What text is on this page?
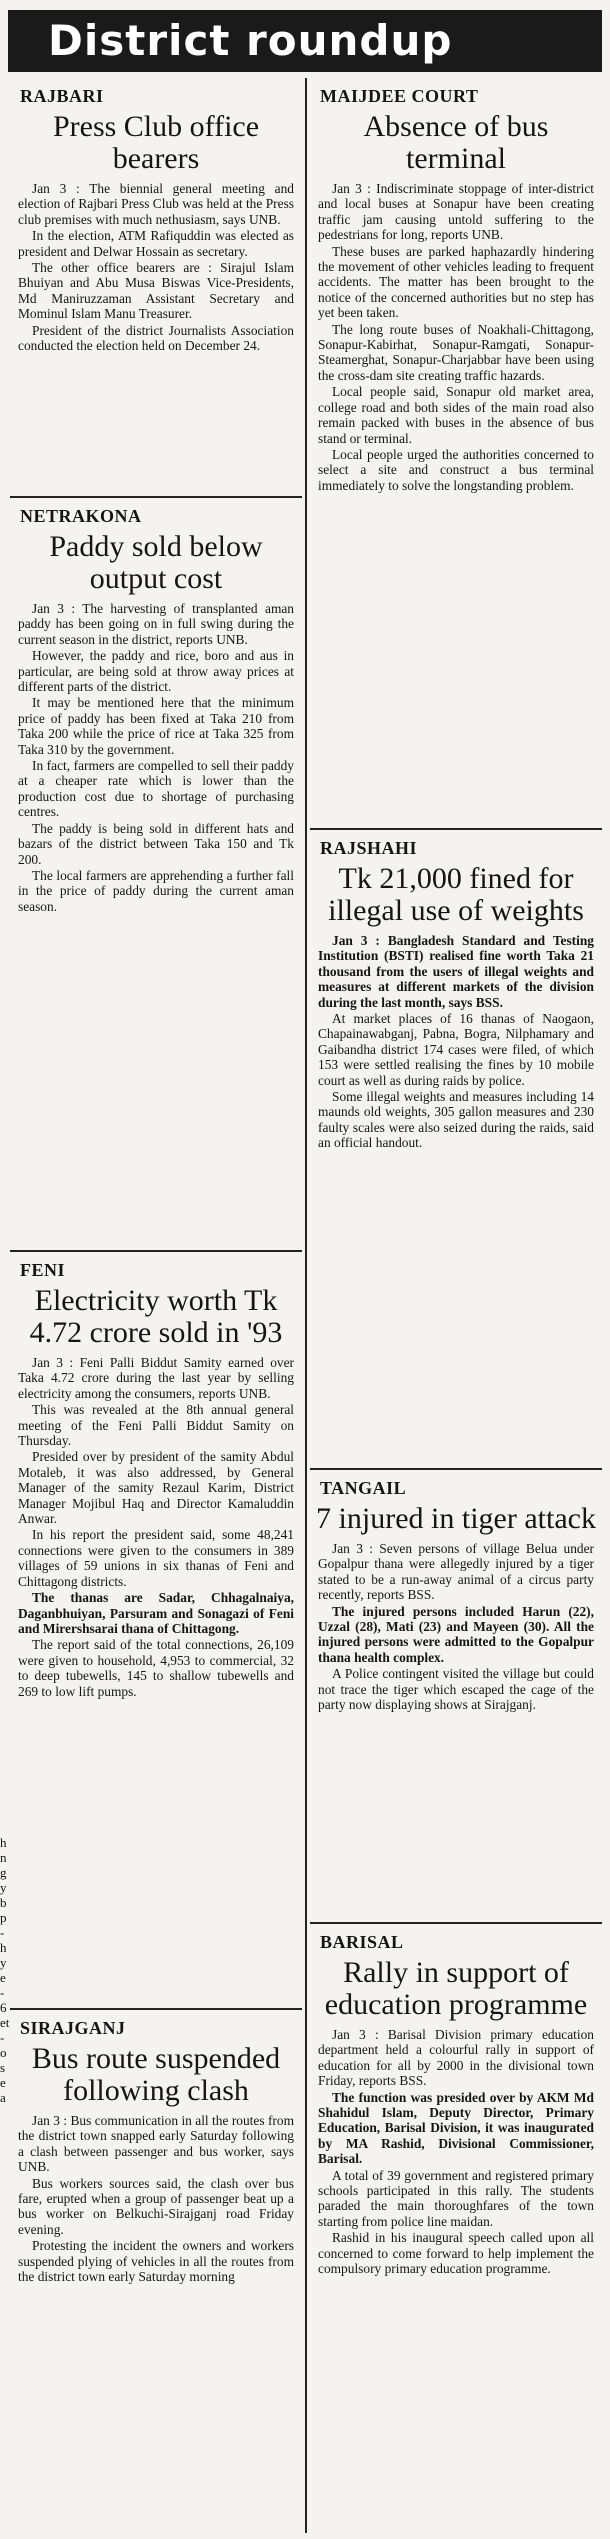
District roundup
RAJBARI
Press Club office bearers

Jan 3 : The biennial general meeting and election of Rajbari Press Club was held at the Press club premises with much nethusiasm, says UNB.

In the election, ATM Rafiquddin was elected as president and Delwar Hossain as secretary.

The other office bearers are : Sirajul Islam Bhuiyan and Abu Musa Biswas Vice-Presidents, Md Maniruzzaman Assistant Secretary and Mominul Islam Manu Treasurer.

President of the district Journalists Association conducted the election held on December 24.

NETRAKONA
Paddy sold below output cost

Jan 3 : The harvesting of transplanted aman paddy has been going on in full swing during the current season in the district, reports UNB.

However, the paddy and rice, boro and aus in particular, are being sold at throw away prices at different parts of the district.

It may be mentioned here that the minimum price of paddy has been fixed at Taka 210 from Taka 200 while the price of rice at Taka 325 from Taka 310 by the government.

In fact, farmers are compelled to sell their paddy at a cheaper rate which is lower than the production cost due to shortage of purchasing centres.

The paddy is being sold in different hats and bazars of the district between Taka 150 and Tk 200.

The local farmers are apprehending a further fall in the price of paddy during the current aman season.

FENI
Electricity worth Tk 4.72 crore sold in '93

Jan 3 : Feni Palli Biddut Samity earned over Taka 4.72 crore during the last year by selling electricity among the consumers, reports UNB.

This was revealed at the 8th annual general meeting of the Feni Palli Biddut Samity on Thursday.

Presided over by president of the samity Abdul Motaleb, it was also addressed, by General Manager of the samity Rezaul Karim, District Manager Mojibul Haq and Director Kamaluddin Anwar.

In his report the president said, some 48,241 connections were given to the consumers in 389 villages of 59 unions in six thanas of Feni and Chittagong districts.

The thanas are Sadar, Chhagalnaiya, Daganbhuiyan, Parsuram and Sonagazi of Feni and Mirershsarai thana of Chittagong.

The report said of the total connections, 26,109 were given to household, 4,953 to commercial, 32 to deep tubewells, 145 to shallow tubewells and 269 to low lift pumps.

SIRAJGANJ
Bus route suspended following clash

Jan 3 : Bus communication in all the routes from the district town snapped early Saturday following a clash between passenger and bus worker, says UNB.

Bus workers sources said, the clash over bus fare, erupted when a group of passenger beat up a bus worker on Belkuchi-Sirajganj road Friday evening.

Protesting the incident the owners and workers suspended plying of vehicles in all the routes from the district town early Saturday morning

MAIJDEE COURT
Absence of bus terminal

Jan 3 : Indiscriminate stoppage of inter-district and local buses at Sonapur have been creating traffic jam causing untold suffering to the pedestrians for long, reports UNB.

These buses are parked haphazardly hindering the movement of other vehicles leading to frequent accidents. The matter has been brought to the notice of the concerned authorities but no step has yet been taken.

The long route buses of Noakhali-Chittagong, Sonapur-Kabirhat, Sonapur-Ramgati, Sonapur-Steamerghat, Sonapur-Charjabbar have been using the cross-dam site creating traffic hazards.

Local people said, Sonapur old market area, college road and both sides of the main road also remain packed with buses in the absence of bus stand or terminal.

Local people urged the authorities concerned to select a site and construct a bus terminal immediately to solve the longstanding problem.

RAJSHAHI
Tk 21,000 fined for illegal use of weights

Jan 3 : Bangladesh Standard and Testing Institution (BSTI) realised fine worth Taka 21 thousand from the users of illegal weights and measures at different markets of the division during the last month, says BSS.

At market places of 16 thanas of Naogaon, Chapainawabganj, Pabna, Bogra, Nilphamary and Gaibandha district 174 cases were filed, of which 153 were settled realising the fines by 10 mobile court as well as during raids by police.

Some illegal weights and measures including 14 maunds old weights, 305 gallon measures and 230 faulty scales were also seized during the raids, said an official handout.

TANGAIL
7 injured in tiger attack

Jan 3 : Seven persons of village Belua under Gopalpur thana were allegedly injured by a tiger stated to be a run-away animal of a circus party recently, reports BSS.

The injured persons included Harun (22), Uzzal (28), Mati (23) and Mayeen (30). All the injured persons were admitted to the Gopalpur thana health complex.

A Police contingent visited the village but could not trace the tiger which escaped the cage of the party now displaying shows at Sirajganj.

BARISAL
Rally in support of education programme

Jan 3 : Barisal Division primary education department held a colourful rally in support of education for all by 2000 in the divisional town Friday, reports BSS.

The function was presided over by AKM Md Shahidul Islam, Deputy Director, Primary Education, Barisal Division, it was inaugurated by MA Rashid, Divisional Commissioner, Barisal.

A total of 39 government and registered primary schools participated in this rally. The students paraded the main thoroughfares of the town starting from police line maidan.

Rashid in his inaugural speech called upon all concerned to come forward to help implement the compulsory primary education programme.

h
n
g
y
b
p
-
h
y
e
-
6
et
-
o
s
e
a
